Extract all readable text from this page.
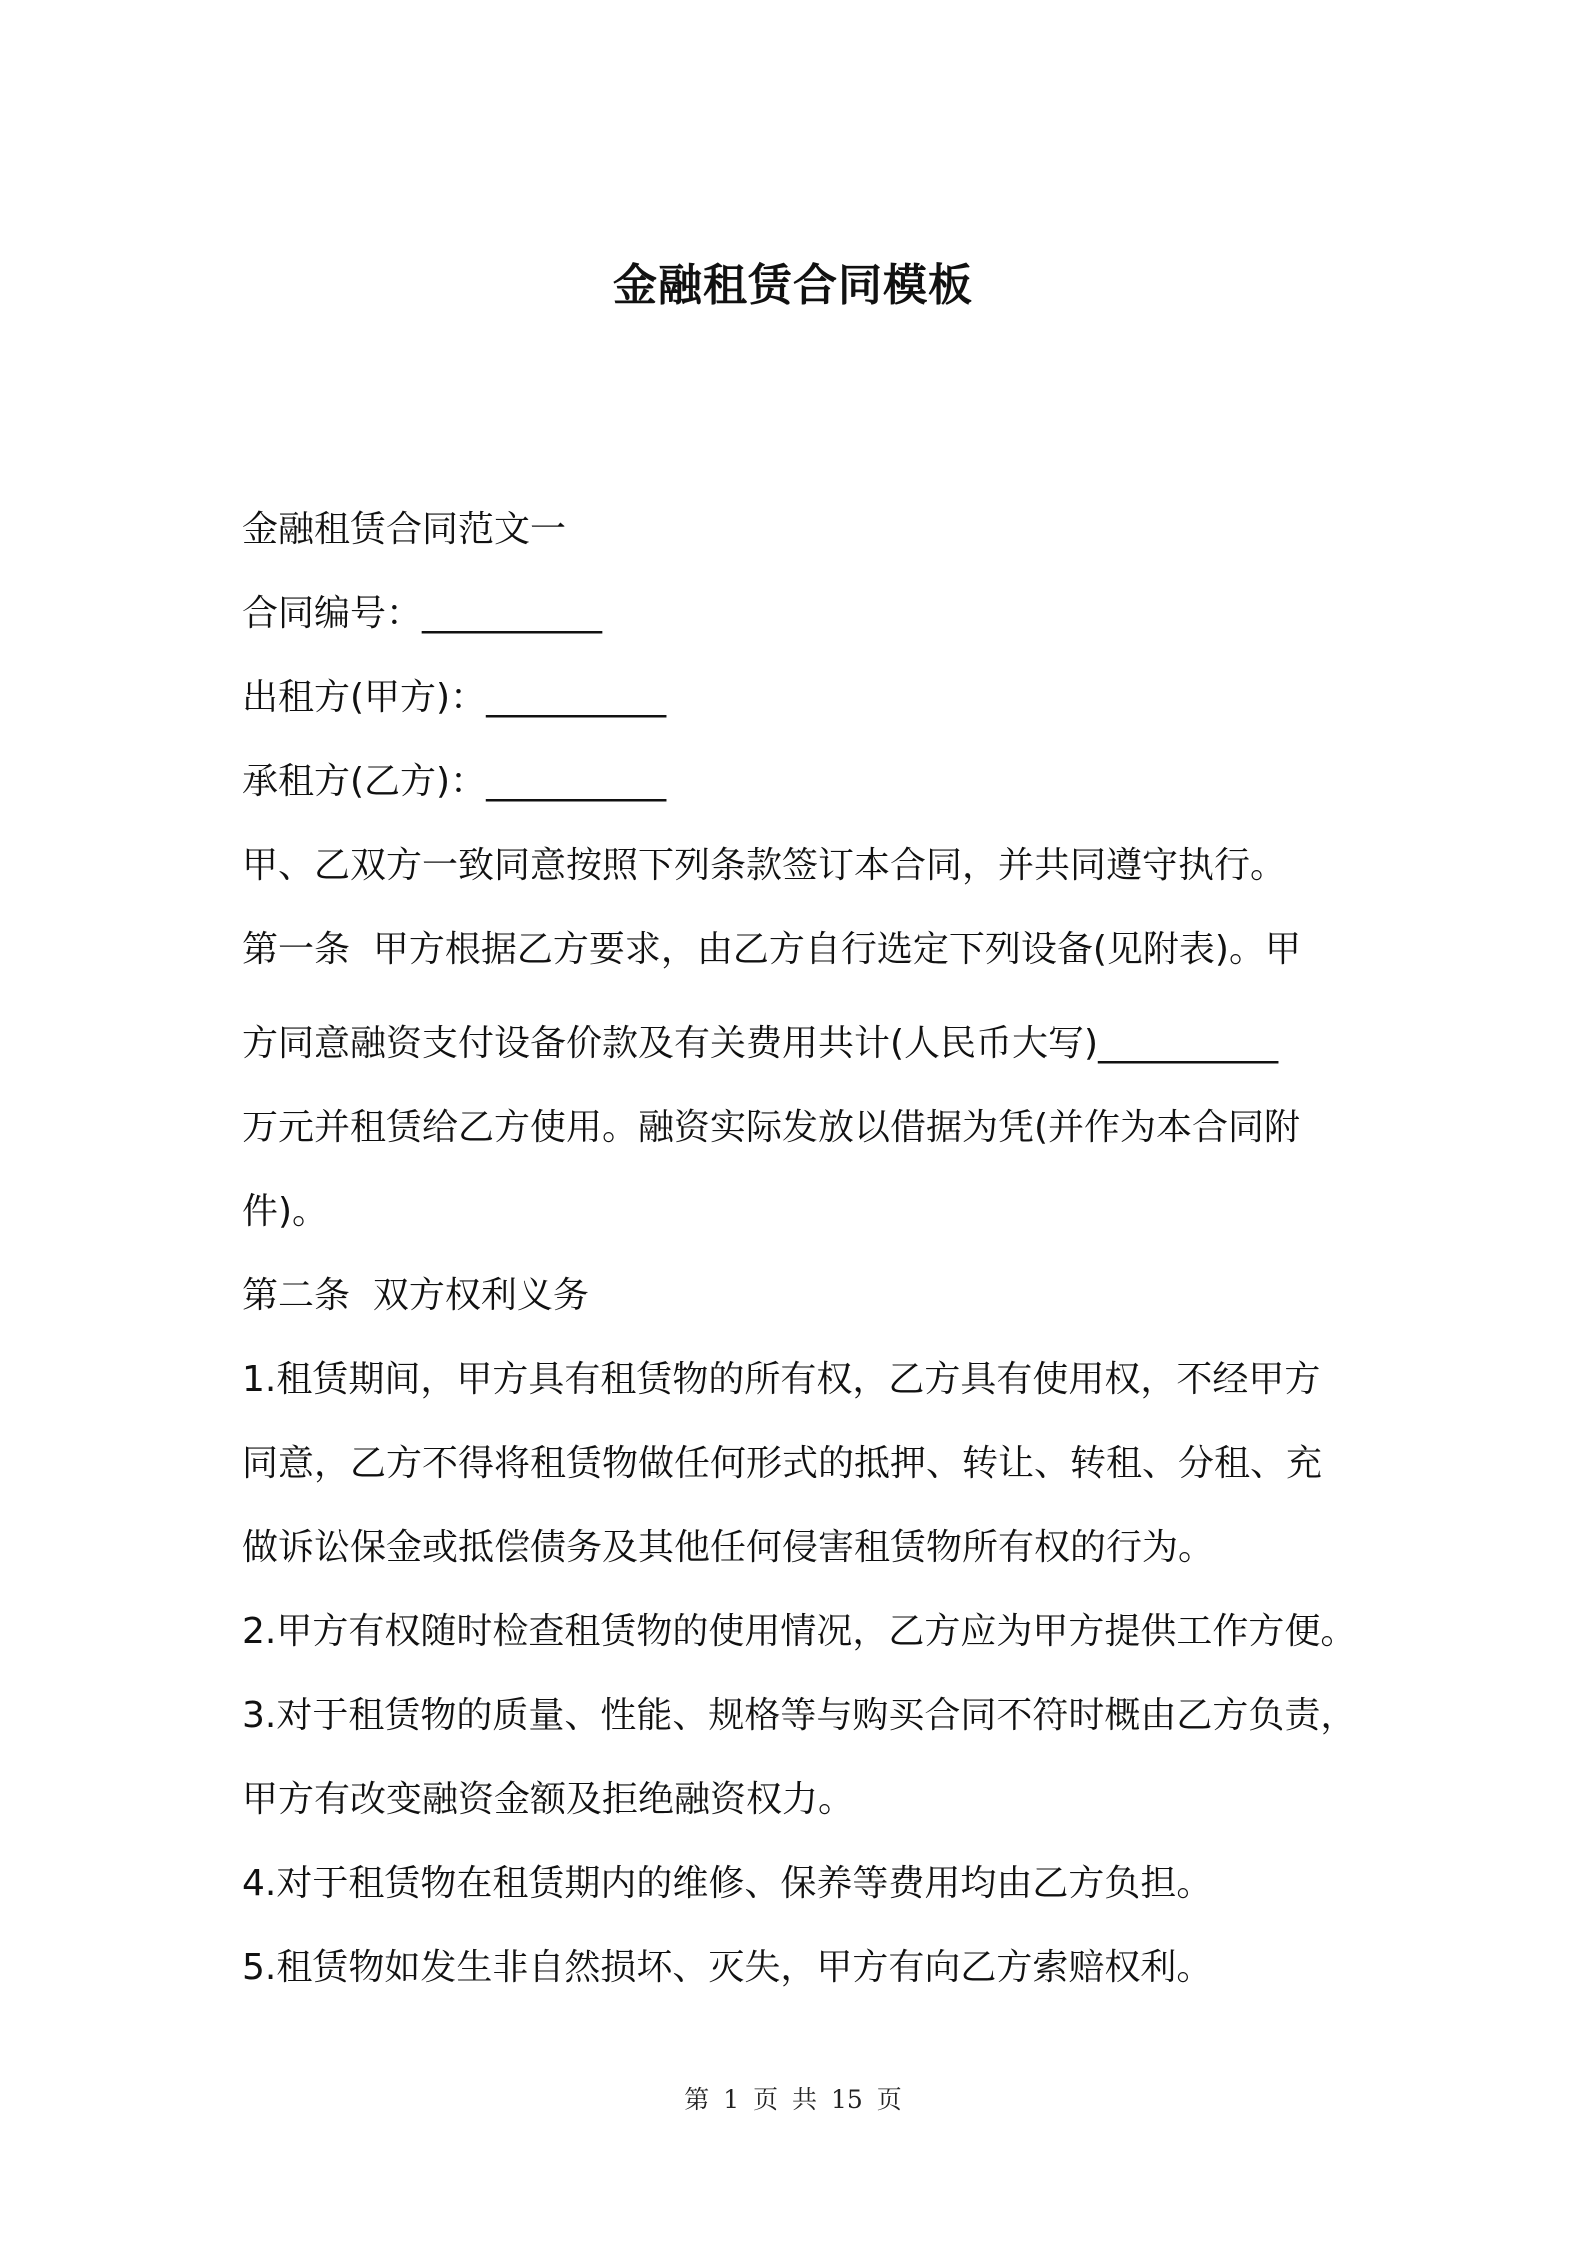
金融租赁合同模板
金融租赁合同范文一
合同编号：__________
出租方(甲方)：__________
承租方(乙方)：__________
甲、乙双方一致同意按照下列条款签订本合同，并共同遵守执行。
第一条  甲方根据乙方要求，由乙方自行选定下列设备(见附表)。甲
方同意融资支付设备价款及有关费用共计(人民币大写)__________
万元并租赁给乙方使用。融资实际发放以借据为凭(并作为本合同附
件)。
第二条  双方权利义务
1.租赁期间，甲方具有租赁物的所有权，乙方具有使用权，不经甲方
同意，乙方不得将租赁物做任何形式的抵押、转让、转租、分租、充
做诉讼保金或抵偿债务及其他任何侵害租赁物所有权的行为。
2.甲方有权随时检查租赁物的使用情况，乙方应为甲方提供工作方便。
3.对于租赁物的质量、性能、规格等与购买合同不符时概由乙方负责，
甲方有改变融资金额及拒绝融资权力。
4.对于租赁物在租赁期内的维修、保养等费用均由乙方负担。
5.租赁物如发生非自然损坏、灭失，甲方有向乙方索赔权利。
第 1 页 共 15 页
